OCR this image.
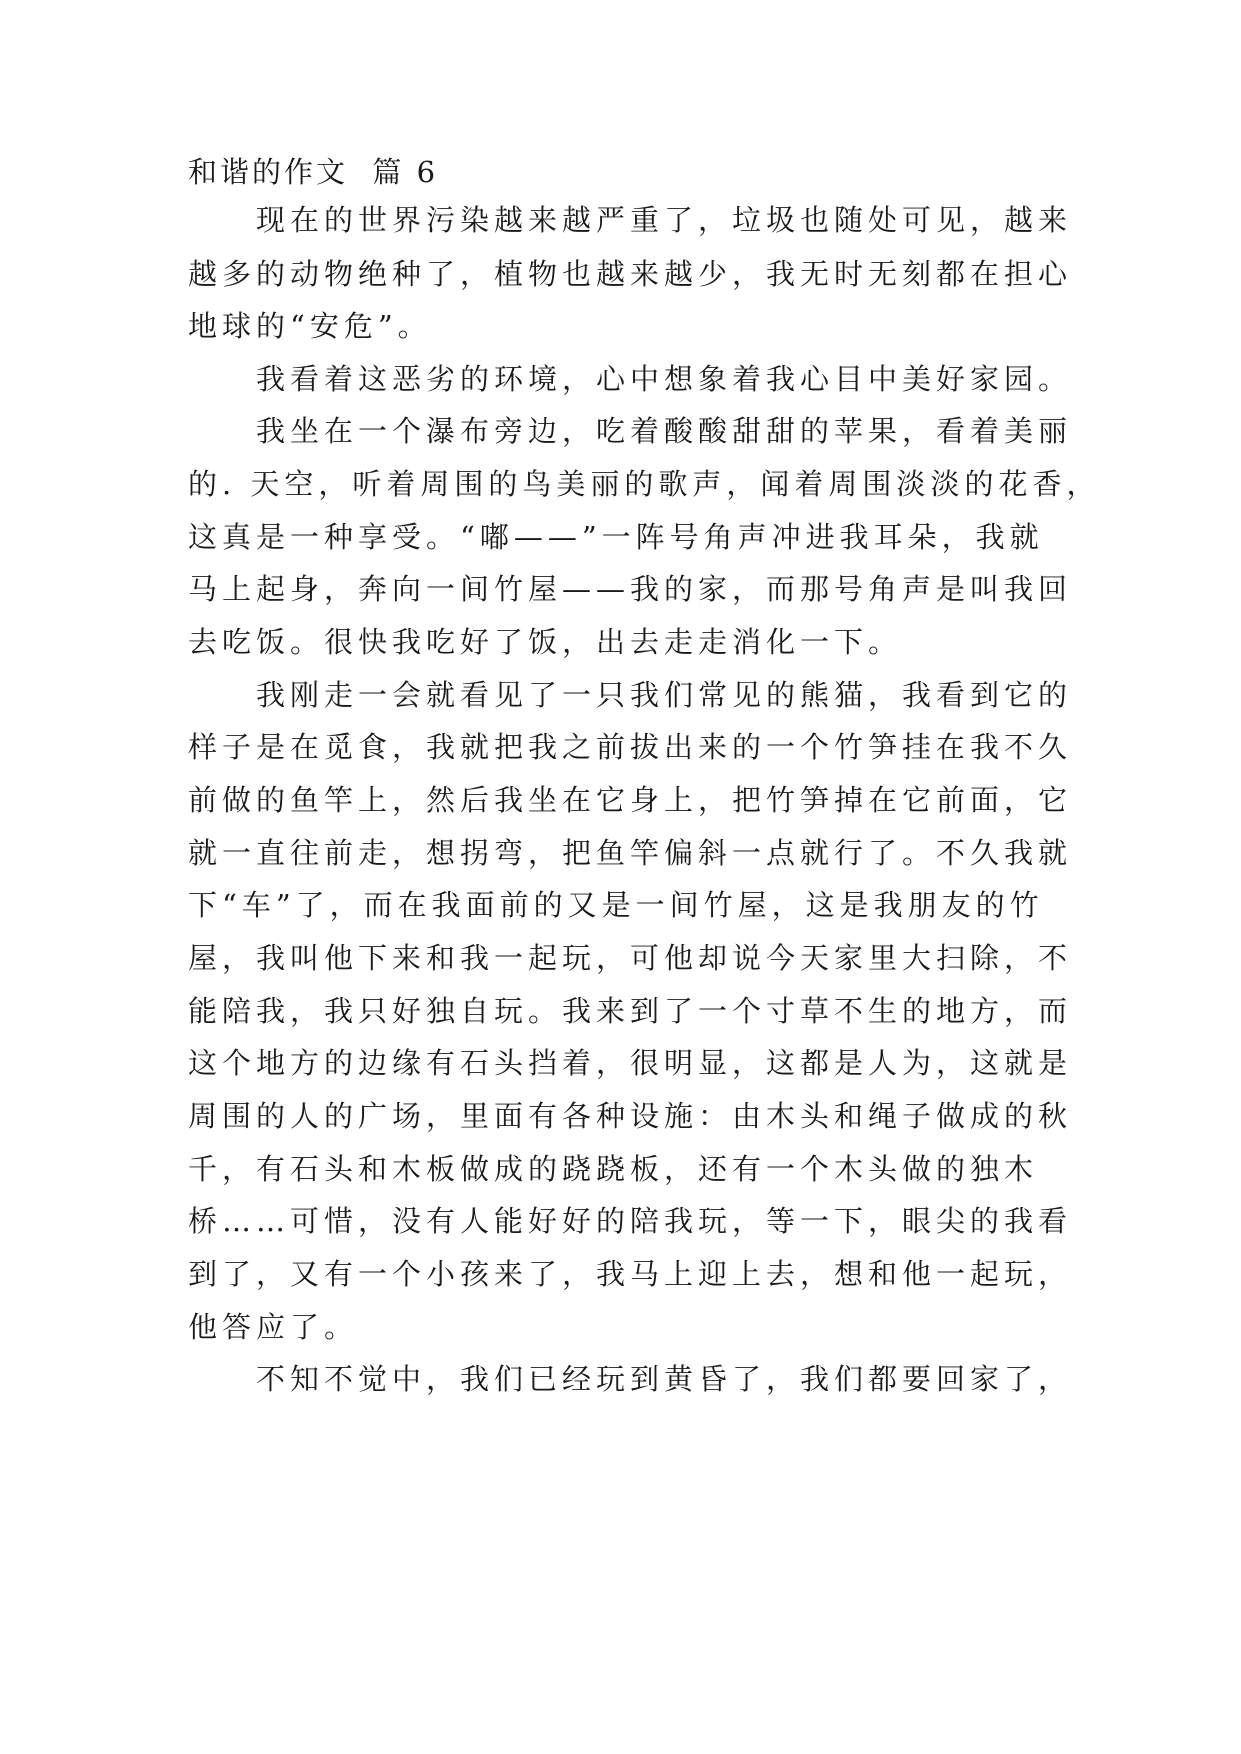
和谐的作文  篇 6
　　现在的世界污染越来越严重了，垃圾也随处可见，越来
越多的动物绝种了，植物也越来越少，我无时无刻都在担心
地球的“安危”。
　　我看着这恶劣的环境，心中想象着我心目中美好家园。
　　我坐在一个瀑布旁边，吃着酸酸甜甜的苹果，看着美丽
的. 天空，听着周围的鸟美丽的歌声，闻着周围淡淡的花香，
这真是一种享受。“嘟——”一阵号角声冲进我耳朵，我就
马上起身，奔向一间竹屋——我的家，而那号角声是叫我回
去吃饭。很快我吃好了饭，出去走走消化一下。
　　我刚走一会就看见了一只我们常见的熊猫，我看到它的
样子是在觅食，我就把我之前拔出来的一个竹笋挂在我不久
前做的鱼竿上，然后我坐在它身上，把竹笋掉在它前面，它
就一直往前走，想拐弯，把鱼竿偏斜一点就行了。不久我就
下“车”了，而在我面前的又是一间竹屋，这是我朋友的竹
屋，我叫他下来和我一起玩，可他却说今天家里大扫除，不
能陪我，我只好独自玩。我来到了一个寸草不生的地方，而
这个地方的边缘有石头挡着，很明显，这都是人为，这就是
周围的人的广场，里面有各种设施：由木头和绳子做成的秋
千，有石头和木板做成的跷跷板，还有一个木头做的独木
桥……可惜，没有人能好好的陪我玩，等一下，眼尖的我看
到了，又有一个小孩来了，我马上迎上去，想和他一起玩，
他答应了。
　　不知不觉中，我们已经玩到黄昏了，我们都要回家了，
